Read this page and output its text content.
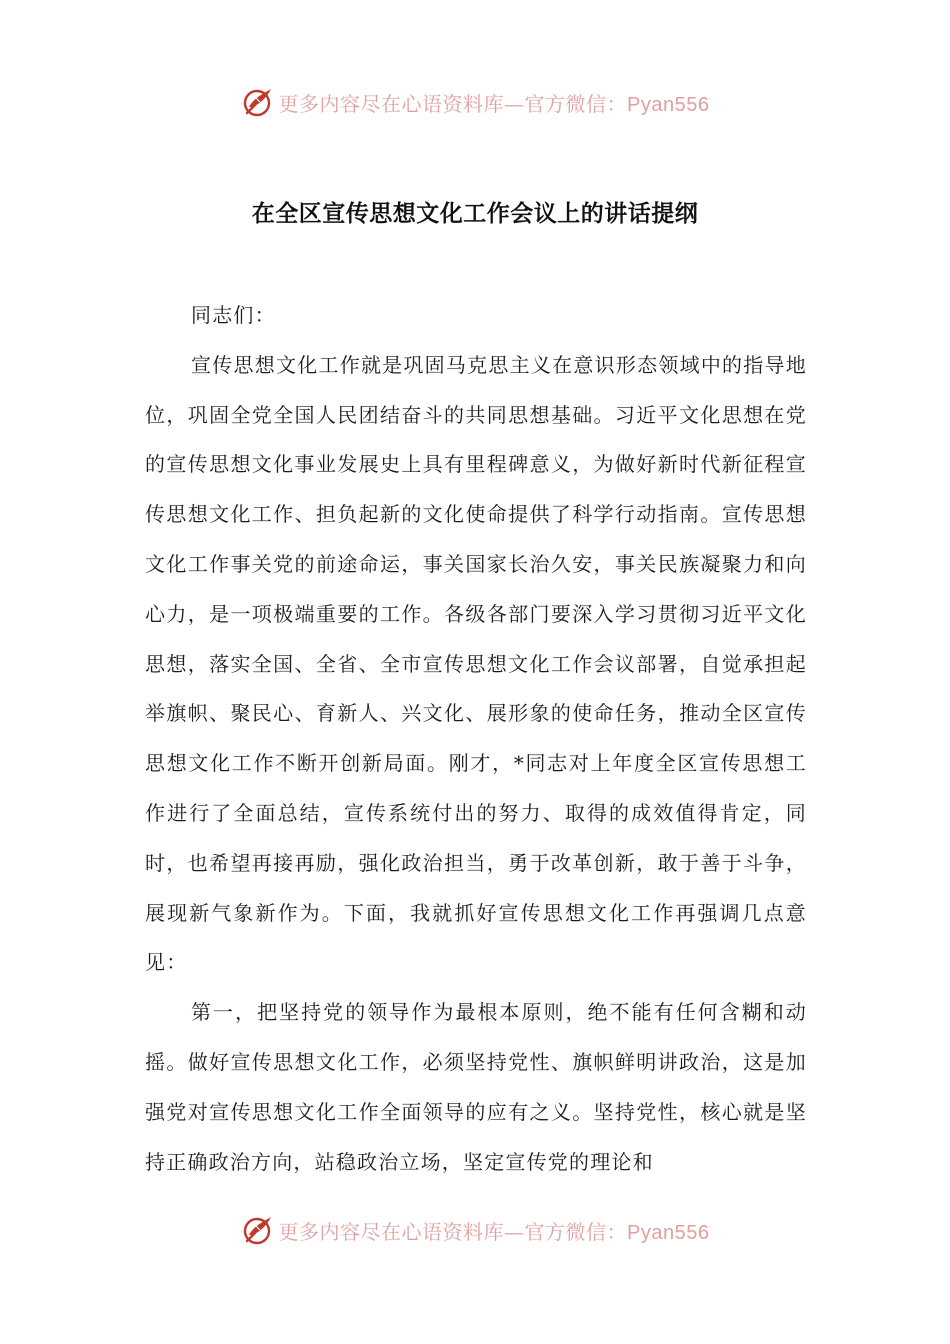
更多内容尽在心语资料库—官方微信：Pyan556
在全区宣传思想文化工作会议上的讲话提纲

同志们：

宣传思想文化工作就是巩固马克思主义在意识形态领域中的指导地位，巩固全党全国人民团结奋斗的共同思想基础。习近平文化思想在党的宣传思想文化事业发展史上具有里程碑意义，为做好新时代新征程宣传思想文化工作、担负起新的文化使命提供了科学行动指南。宣传思想文化工作事关党的前途命运，事关国家长治久安，事关民族凝聚力和向心力，是一项极端重要的工作。各级各部门要深入学习贯彻习近平文化思想，落实全国、全省、全市宣传思想文化工作会议部署，自觉承担起举旗帜、聚民心、育新人、兴文化、展形象的使命任务，推动全区宣传思想文化工作不断开创新局面。刚才，*同志对上年度全区宣传思想工作进行了全面总结，宣传系统付出的努力、取得的成效值得肯定，同时，也希望再接再励，强化政治担当，勇于改革创新，敢于善于斗争，展现新气象新作为。下面，我就抓好宣传思想文化工作再强调几点意见：

第一，把坚持党的领导作为最根本原则，绝不能有任何含糊和动摇。做好宣传思想文化工作，必须坚持党性、旗帜鲜明讲政治，这是加强党对宣传思想文化工作全面领导的应有之义。坚持党性，核心就是坚持正确政治方向，站稳政治立场，坚定宣传党的理论和

更多内容尽在心语资料库—官方微信：Pyan556
